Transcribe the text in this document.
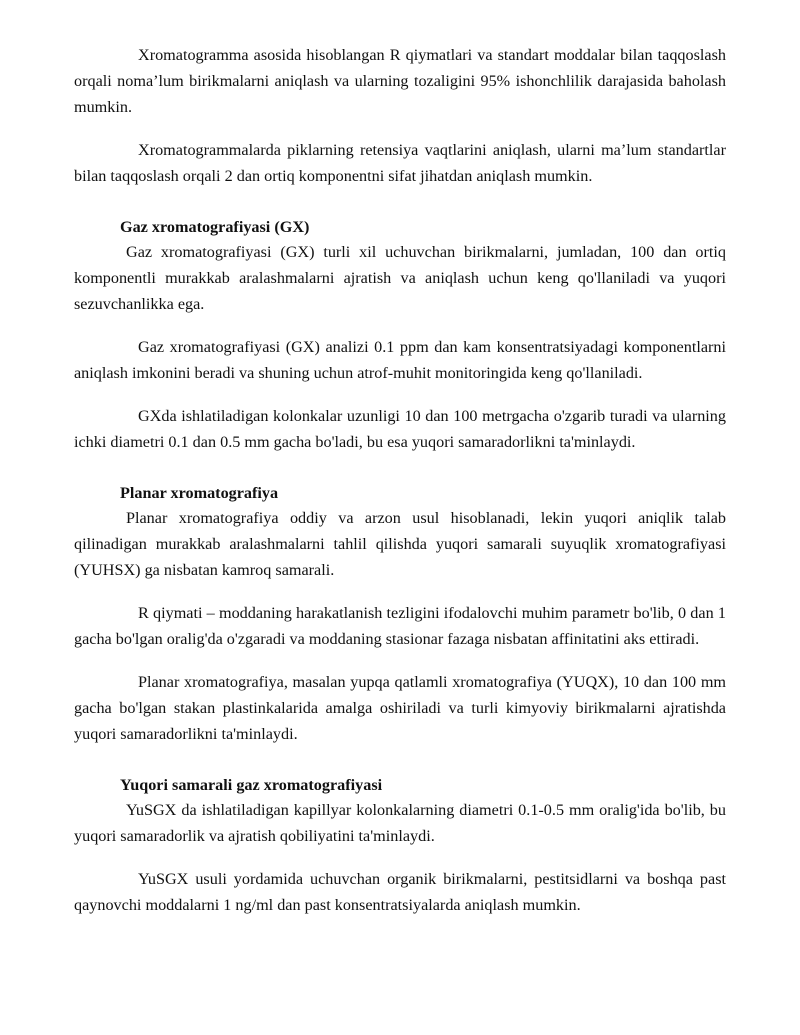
Xromatogramma asosida hisoblangan R qiymatlari va standart moddalar bilan taqqoslash orqali noma’lum birikmalarni aniqlash va ularning tozaligini 95% ishonchlilik darajasida baholash mumkin.

Xromatogrammalarda piklarning retensiya vaqtlarini aniqlash, ularni ma’lum standartlar bilan taqqoslash orqali 2 dan ortiq komponentni sifat jihatdan aniqlash mumkin.

Gaz xromatografiyasi (GX)

Gaz xromatografiyasi (GX) turli xil uchuvchan birikmalarni, jumladan, 100 dan ortiq komponentli murakkab aralashmalarni ajratish va aniqlash uchun keng qo'llaniladi va yuqori sezuvchanlikka ega.

Gaz xromatografiyasi (GX) analizi 0.1 ppm dan kam konsentratsiyadagi komponentlarni aniqlash imkonini beradi va shuning uchun atrof-muhit monitoringida keng qo'llaniladi.

GXda ishlatiladigan kolonkalar uzunligi 10 dan 100 metrgacha o'zgarib turadi va ularning ichki diametri 0.1 dan 0.5 mm gacha bo'ladi, bu esa yuqori samaradorlikni ta'minlaydi.

Planar xromatografiya

Planar xromatografiya oddiy va arzon usul hisoblanadi, lekin yuqori aniqlik talab qilinadigan murakkab aralashmalarni tahlil qilishda yuqori samarali suyuqlik xromatografiyasi (YUHSX) ga nisbatan kamroq samarali.

R qiymati – moddaning harakatlanish tezligini ifodalovchi muhim parametr bo'lib, 0 dan 1 gacha bo'lgan oralig'da o'zgaradi va moddaning stasionar fazaga nisbatan affinitatini aks ettiradi.

Planar xromatografiya, masalan yupqa qatlamli xromatografiya (YUQX), 10 dan 100 mm gacha bo'lgan stakan plastinkalarida amalga oshiriladi va turli kimyoviy birikmalarni ajratishda yuqori samaradorlikni ta'minlaydi.

Yuqori samarali gaz xromatografiyasi

YuSGX da ishlatiladigan kapillyar kolonkalarning diametri 0.1-0.5 mm oralig'ida bo'lib, bu yuqori samaradorlik va ajratish qobiliyatini ta'minlaydi.

YuSGX usuli yordamida uchuvchan organik birikmalarni, pestitsidlarni va boshqa past qaynovchi moddalarni 1 ng/ml dan past konsentratsiyalarda aniqlash mumkin.
